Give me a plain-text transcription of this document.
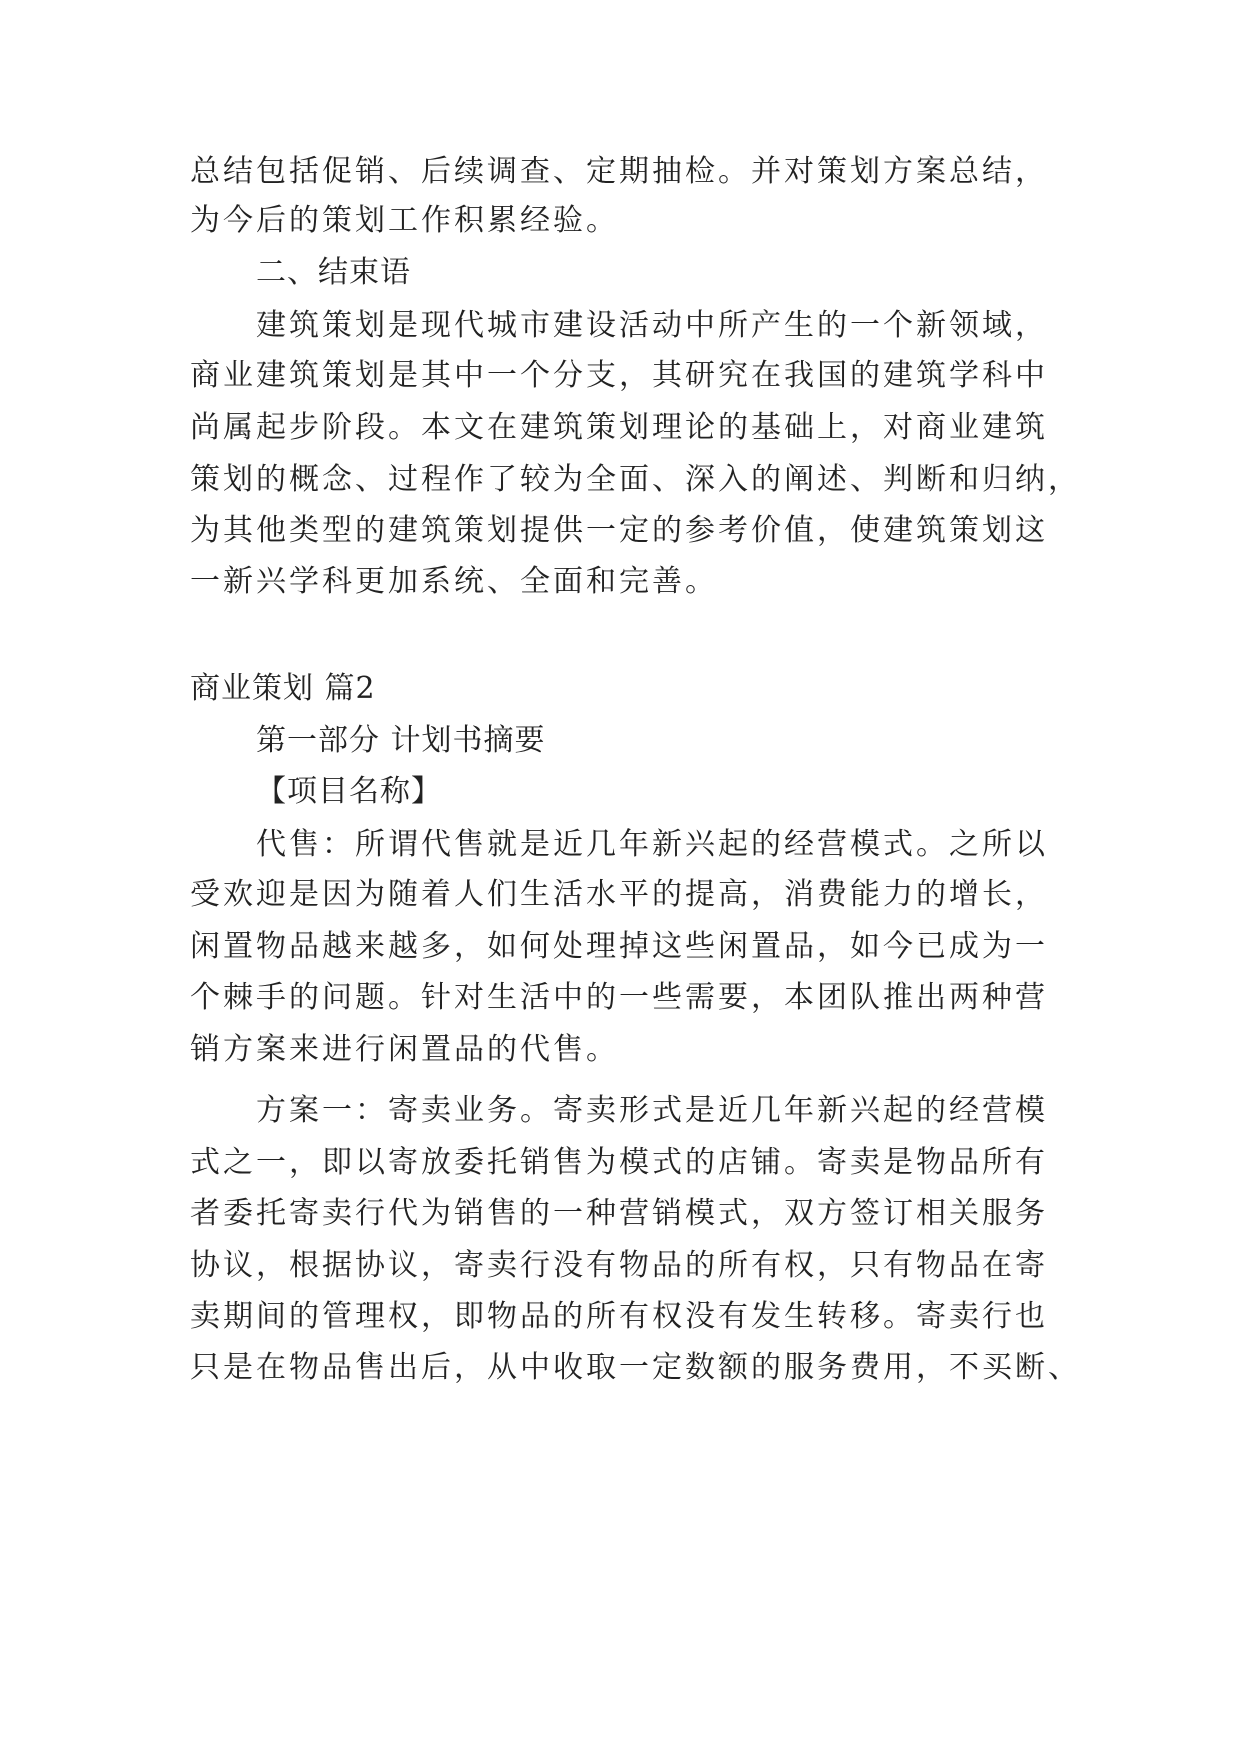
总结包括促销、后续调查、定期抽检。并对策划方案总结，

为今后的策划工作积累经验。

二、结束语

建筑策划是现代城市建设活动中所产生的一个新领域，

商业建筑策划是其中一个分支，其研究在我国的建筑学科中

尚属起步阶段。本文在建筑策划理论的基础上，对商业建筑

策划的概念、过程作了较为全面、深入的阐述、判断和归纳，

为其他类型的建筑策划提供一定的参考价值，使建筑策划这

一新兴学科更加系统、全面和完善。

商业策划 篇2

第一部分 计划书摘要

【项目名称】

代售：所谓代售就是近几年新兴起的经营模式。之所以

受欢迎是因为随着人们生活水平的提高，消费能力的增长，

闲置物品越来越多，如何处理掉这些闲置品，如今已成为一

个棘手的问题。针对生活中的一些需要，本团队推出两种营

销方案来进行闲置品的代售。

方案一：寄卖业务。寄卖形式是近几年新兴起的经营模

式之一，即以寄放委托销售为模式的店铺。寄卖是物品所有

者委托寄卖行代为销售的一种营销模式，双方签订相关服务

协议，根据协议，寄卖行没有物品的所有权，只有物品在寄

卖期间的管理权，即物品的所有权没有发生转移。寄卖行也

只是在物品售出后，从中收取一定数额的服务费用，不买断、
